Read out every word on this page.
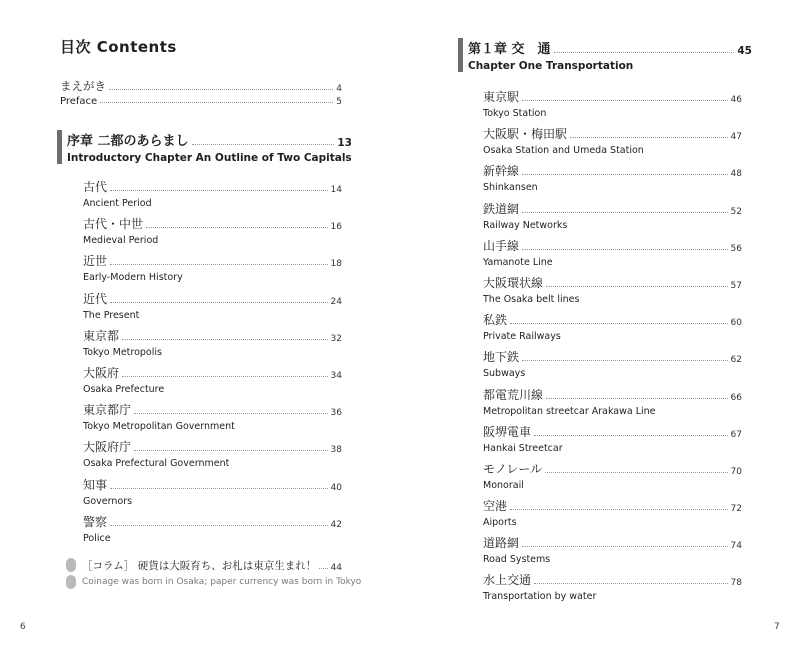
目次 Contents
まえがき	4
Preface	5
序章 二都のあらまし	13
Introductory Chapter An Outline of Two Capitals
古代	14
Ancient Period
古代・中世	16
Medieval Period
近世	18
Early-Modern History
近代	24
The Present
東京都	32
Tokyo Metropolis
大阪府	34
Osaka Prefecture
東京都庁	36
Tokyo Metropolitan Government
大阪府庁	38
Osaka Prefectural Government
知事	40
Governors
警察	42
Police
［コラム］ 硬貨は大阪育ち、お札は東京生まれ！ 44
Coinage was born in Osaka; paper currency was born in Tokyo
6
第１章 交　通	45
Chapter One Transportation
東京駅	46
Tokyo Station
大阪駅・梅田駅	47
Osaka Station and Umeda Station
新幹線	48
Shinkansen
鉄道網	52
Railway Networks
山手線	56
Yamanote Line
大阪環状線	57
The Osaka belt lines
私鉄	60
Private Railways
地下鉄	62
Subways
都電荒川線	66
Metropolitan streetcar Arakawa Line
阪堺電車	67
Hankai Streetcar
モノレール	70
Monorail
空港	72
Aiports
道路網	74
Road Systems
水上交通	78
Transportation by water
7
